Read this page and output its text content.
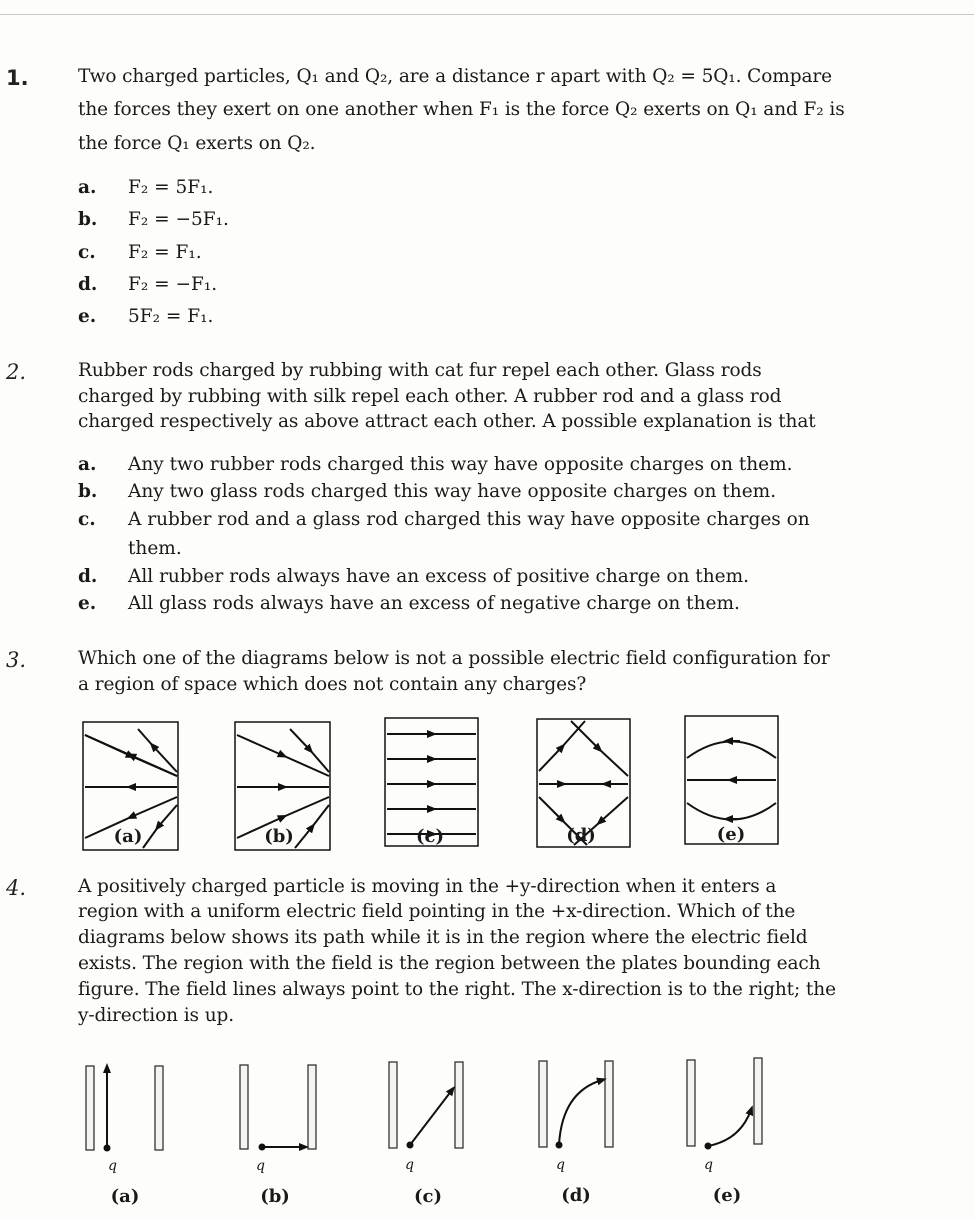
1.	Two charged particles, Q₁ and Q₂, are a distance r apart with Q₂ = 5Q₁. Compare
the forces they exert on one another when F₁ is the force Q₂ exerts on Q₁ and F₂ is
the force Q₁ exerts on Q₂.
a. F₂ = 5F₁.
b. F₂ = −5F₁.
c. F₂ = F₁.
d. F₂ = −F₁.
e. 5F₂ = F₁.
2.	Rubber rods charged by rubbing with cat fur repel each other. Glass rods
charged by rubbing with silk repel each other. A rubber rod and a glass rod
charged respectively as above attract each other. A possible explanation is that
a. Any two rubber rods charged this way have opposite charges on them.
b. Any two glass rods charged this way have opposite charges on them.
c. A rubber rod and a glass rod charged this way have opposite charges on
them.
d. All rubber rods always have an excess of positive charge on them.
e. All glass rods always have an excess of negative charge on them.
3.	Which one of the diagrams below is not a possible electric field configuration for
a region of space which does not contain any charges?
(a)	(b)	(c)	(d)	(e)
4.	A positively charged particle is moving in the +y-direction when it enters a
region with a uniform electric field pointing in the +x-direction. Which of the
diagrams below shows its path while it is in the region where the electric field
exists. The region with the field is the region between the plates bounding each
figure. The field lines always point to the right. The x-direction is to the right; the
y-direction is up.
q	q	q	q	q
(a)	(b)	(c)	(d)	(e)
